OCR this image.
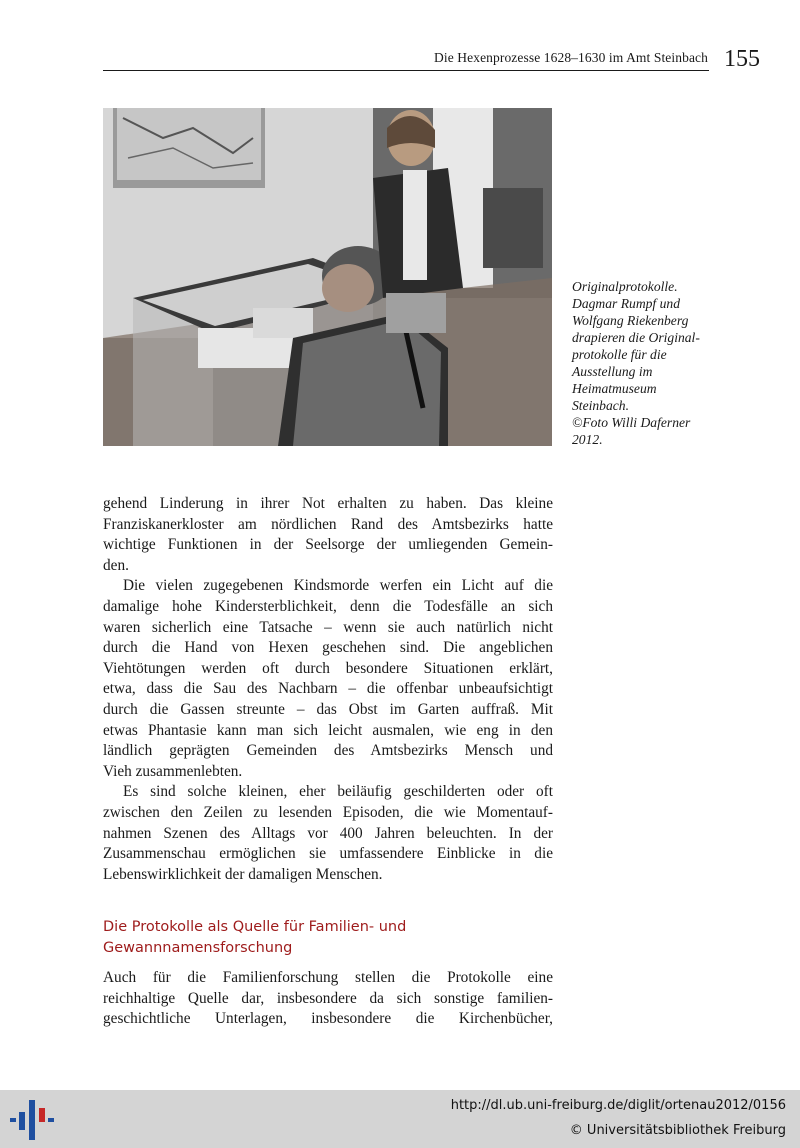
Die Hexenprozesse 1628–1630 im Amt Steinbach 155
Originalprotokolle.
Dagmar Rumpf und
Wolfgang Riekenberg
drapieren die Original-
protokolle für die
Ausstellung im
Heimatmuseum
Steinbach.
©Foto Willi Daferner
2012.
gehend Linderung in ihrer Not erhalten zu haben. Das kleine
Franziskanerkloster am nördlichen Rand des Amtsbezirks hatte
wichtige Funktionen in der Seelsorge der umliegenden Gemein-
den.
Die vielen zugegebenen Kindsmorde werfen ein Licht auf die
damalige hohe Kindersterblichkeit, denn die Todesfälle an sich
waren sicherlich eine Tatsache – wenn sie auch natürlich nicht
durch die Hand von Hexen geschehen sind. Die angeblichen
Viehtötungen werden oft durch besondere Situationen erklärt,
etwa, dass die Sau des Nachbarn – die offenbar unbeaufsichtigt
durch die Gassen streunte – das Obst im Garten auffraß. Mit
etwas Phantasie kann man sich leicht ausmalen, wie eng in den
ländlich geprägten Gemeinden des Amtsbezirks Mensch und
Vieh zusammenlebten.
Es sind solche kleinen, eher beiläufig geschilderten oder oft
zwischen den Zeilen zu lesenden Episoden, die wie Momentauf-
nahmen Szenen des Alltags vor 400 Jahren beleuchten. In der
Zusammenschau ermöglichen sie umfassendere Einblicke in die
Lebenswirklichkeit der damaligen Menschen.
Die Protokolle als Quelle für Familien- und
Gewannnamensforschung
Auch für die Familienforschung stellen die Protokolle eine
reichhaltige Quelle dar, insbesondere da sich sonstige familien-
geschichtliche Unterlagen, insbesondere die Kirchenbücher,
http://dl.ub.uni-freiburg.de/diglit/ortenau2012/0156
© Universitätsbibliothek Freiburg
